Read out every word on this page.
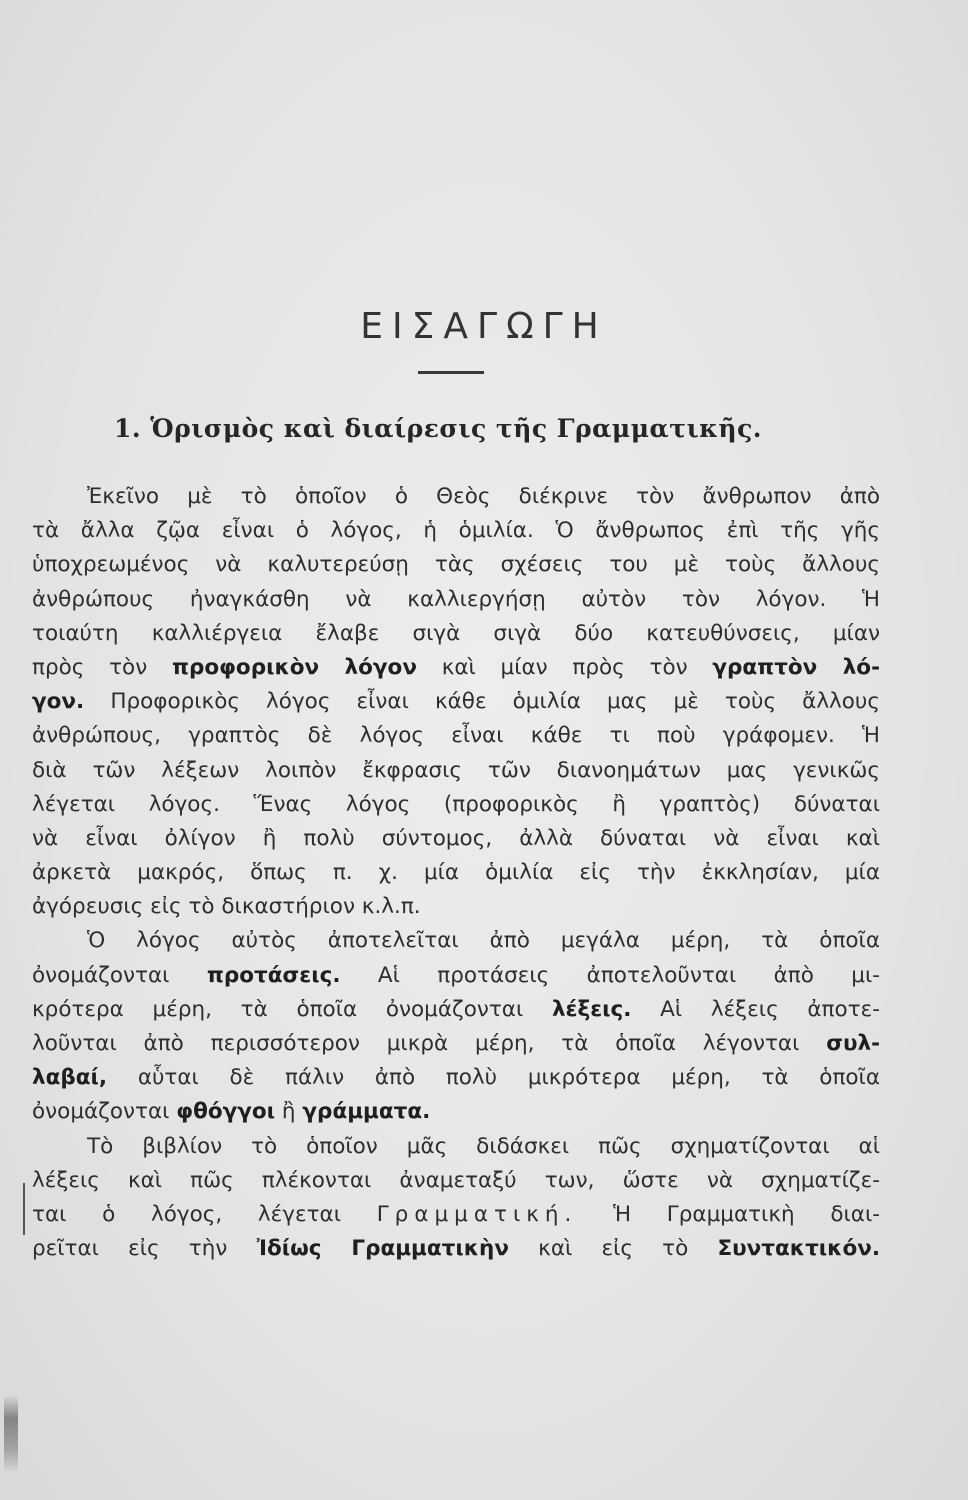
ΕΙΣΑΓΩΓΗ
1. Ὁρισμὸς καὶ διαίρεσις τῆς Γραμματικῆς.
Ἐκεῖνο μὲ τὸ ὁποῖον ὁ Θεὸς διέκρινε τὸν ἄνθρωπον ἀπὸ
τὰ ἄλλα ζῷα εἶναι ὁ λόγος, ἡ ὁμιλία. Ὁ ἄνθρωπος ἐπὶ τῆς γῆς
ὑποχρεωμένος νὰ καλυτερεύσῃ τὰς σχέσεις του μὲ τοὺς ἄλλους
ἀνθρώπους ἠναγκάσθη νὰ καλλιεργήσῃ αὐτὸν τὸν λόγον. Ἡ
τοιαύτη καλλιέργεια ἔλαβε σιγὰ σιγὰ δύο κατευθύνσεις, μίαν
πρὸς τὸν προφορικὸν λόγον καὶ μίαν πρὸς τὸν γραπτὸν λό-
γον. Προφορικὸς λόγος εἶναι κάθε ὁμιλία μας μὲ τοὺς ἄλλους
ἀνθρώπους, γραπτὸς δὲ λόγος εἶναι κάθε τι ποὺ γράφομεν. Ἡ
διὰ τῶν λέξεων λοιπὸν ἔκφρασις τῶν διανοημάτων μας γενικῶς
λέγεται λόγος. Ἕνας λόγος (προφορικὸς ἢ γραπτὸς) δύναται
νὰ εἶναι ὀλίγον ἢ πολὺ σύντομος, ἀλλὰ δύναται νὰ εἶναι καὶ
ἀρκετὰ μακρός, ὅπως π. χ. μία ὁμιλία εἰς τὴν ἐκκλησίαν, μία
ἀγόρευσις εἰς τὸ δικαστήριον κ.λ.π.
Ὁ λόγος αὐτὸς ἀποτελεῖται ἀπὸ μεγάλα μέρη, τὰ ὁποῖα
ὀνομάζονται προτάσεις. Αἱ προτάσεις ἀποτελοῦνται ἀπὸ μι-
κρότερα μέρη, τὰ ὁποῖα ὀνομάζονται λέξεις. Αἱ λέξεις ἀποτε-
λοῦνται ἀπὸ περισσότερον μικρὰ μέρη, τὰ ὁποῖα λέγονται συλ-
λαβαί, αὗται δὲ πάλιν ἀπὸ πολὺ μικρότερα μέρη, τὰ ὁποῖα
ὀνομάζονται φθόγγοι ἢ γράμματα.
Τὸ βιβλίον τὸ ὁποῖον μᾶς διδάσκει πῶς σχηματίζονται αἱ
λέξεις καὶ πῶς πλέκονται ἀναμεταξύ των, ὥστε νὰ σχηματίζε-
ται ὁ λόγος, λέγεται Γραμματική. Ἡ Γραμματικὴ διαι-
ρεῖται εἰς τὴν Ἰδίως Γραμματικὴν καὶ εἰς τὸ Συντακτικόν.
